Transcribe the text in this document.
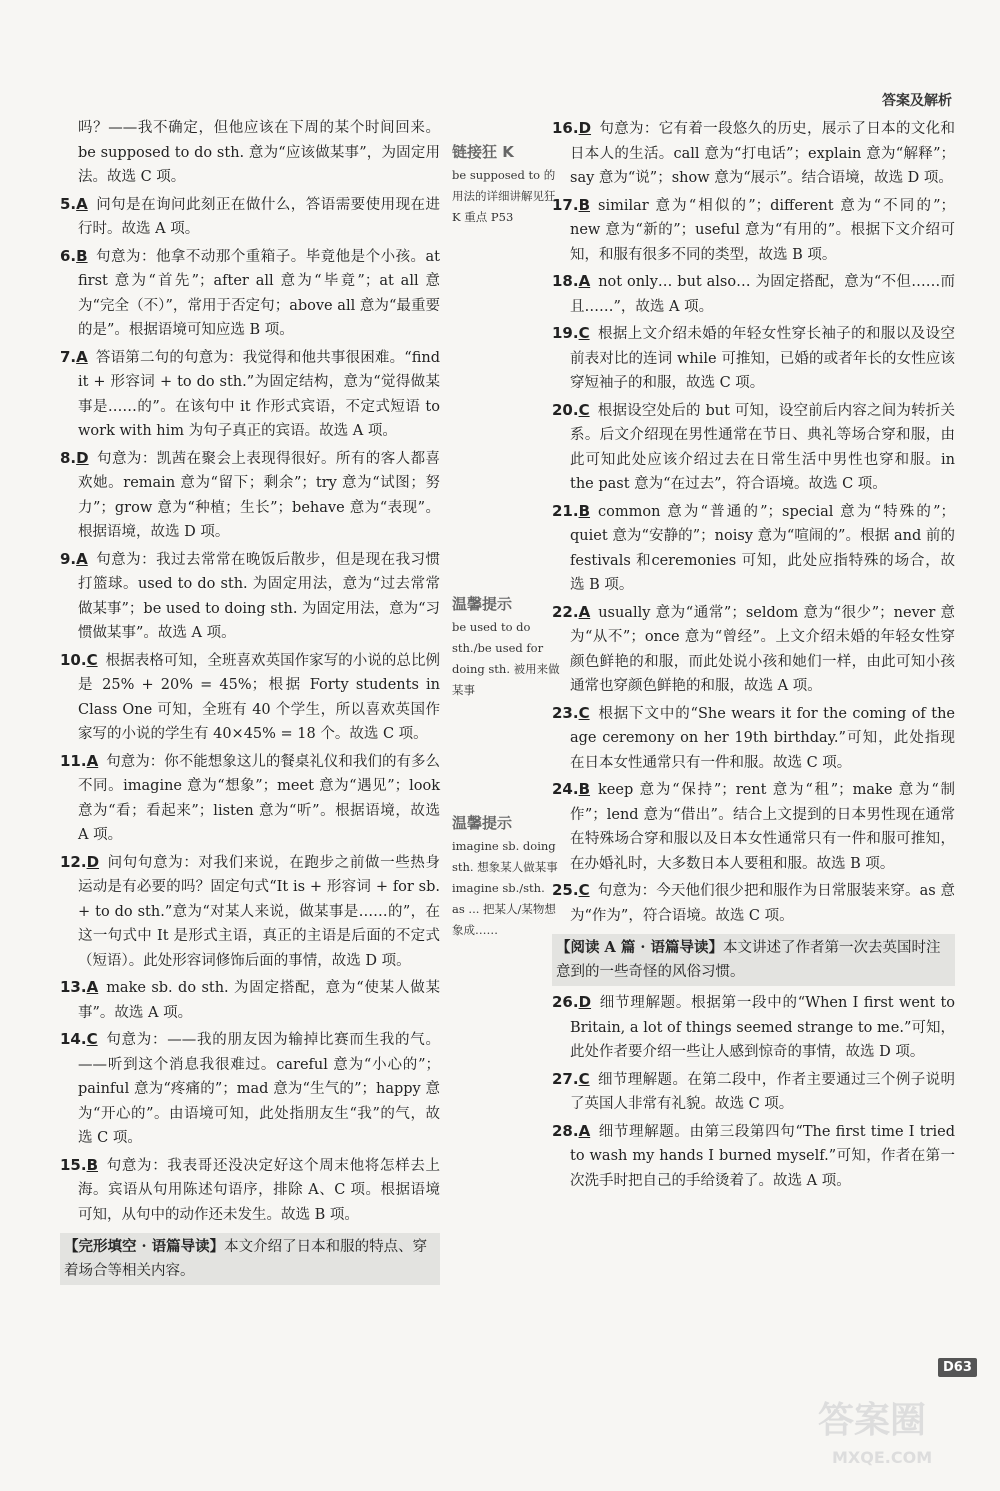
答案及解析
吗？——我不确定，但他应该在下周的某个时间回来。be supposed to do sth. 意为“应该做某事”，为固定用法。故选 C 项。
5.A 问句是在询问此刻正在做什么，答语需要使用现在进行时。故选 A 项。
6.B 句意为：他拿不动那个重箱子。毕竟他是个小孩。at first 意为“首先”；after all 意为“毕竟”；at all 意为“完全（不）”，常用于否定句；above all 意为“最重要的是”。根据语境可知应选 B 项。
7.A 答语第二句的句意为：我觉得和他共事很困难。“find it + 形容词 + to do sth.”为固定结构，意为“觉得做某事是……的”。在该句中 it 作形式宾语，不定式短语 to work with him 为句子真正的宾语。故选 A 项。
8.D 句意为：凯茜在聚会上表现得很好。所有的客人都喜欢她。remain 意为“留下；剩余”；try 意为“试图；努力”；grow 意为“种植；生长”；behave 意为“表现”。根据语境，故选 D 项。
9.A 句意为：我过去常常在晚饭后散步，但是现在我习惯打篮球。used to do sth. 为固定用法，意为“过去常常做某事”；be used to doing sth. 为固定用法，意为“习惯做某事”。故选 A 项。
10.C 根据表格可知，全班喜欢英国作家写的小说的总比例是 25% + 20% = 45%；根据 Forty students in Class One 可知，全班有 40 个学生，所以喜欢英国作家写的小说的学生有 40×45% = 18 个。故选 C 项。
11.A 句意为：你不能想象这儿的餐桌礼仪和我们的有多么不同。imagine 意为“想象”；meet 意为“遇见”；look 意为“看；看起来”；listen 意为“听”。根据语境，故选 A 项。
12.D 问句句意为：对我们来说，在跑步之前做一些热身运动是有必要的吗？固定句式“It is + 形容词 + for sb. + to do sth.”意为“对某人来说，做某事是……的”，在这一句式中 It 是形式主语，真正的主语是后面的不定式（短语）。此处形容词修饰后面的事情，故选 D 项。
13.A make sb. do sth. 为固定搭配，意为“使某人做某事”。故选 A 项。
14.C 句意为：——我的朋友因为输掉比赛而生我的气。——听到这个消息我很难过。careful 意为“小心的”；painful 意为“疼痛的”；mad 意为“生气的”；happy 意为“开心的”。由语境可知，此处指朋友生“我”的气，故选 C 项。
15.B 句意为：我表哥还没决定好这个周末他将怎样去上海。宾语从句用陈述句语序，排除 A、C 项。根据语境可知，从句中的动作还未发生。故选 B 项。
【完形填空 · 语篇导读】本文介绍了日本和服的特点、穿着场合等相关内容。
链接狂 K
be supposed to 的用法的详细讲解见狂 K 重点 P53
温馨提示
be used to do sth./be used for doing sth. 被用来做某事
温馨提示
imagine sb. doing sth. 想象某人做某事 imagine sb./sth. as ... 把某人/某物想象成……
16.D 句意为：它有着一段悠久的历史，展示了日本的文化和日本人的生活。call 意为“打电话”；explain 意为“解释”；say 意为“说”；show 意为“展示”。结合语境，故选 D 项。
17.B similar 意为“相似的”；different 意为“不同的”；new 意为“新的”；useful 意为“有用的”。根据下文介绍可知，和服有很多不同的类型，故选 B 项。
18.A not only… but also… 为固定搭配，意为“不但……而且……”，故选 A 项。
19.C 根据上文介绍未婚的年轻女性穿长袖子的和服以及设空前表对比的连词 while 可推知，已婚的或者年长的女性应该穿短袖子的和服，故选 C 项。
20.C 根据设空处后的 but 可知，设空前后内容之间为转折关系。后文介绍现在男性通常在节日、典礼等场合穿和服，由此可知此处应该介绍过去在日常生活中男性也穿和服。in the past 意为“在过去”，符合语境。故选 C 项。
21.B common 意为“普通的”；special 意为“特殊的”；quiet 意为“安静的”；noisy 意为“喧闹的”。根据 and 前的 festivals 和ceremonies 可知，此处应指特殊的场合，故选 B 项。
22.A usually 意为“通常”；seldom 意为“很少”；never 意为“从不”；once 意为“曾经”。上文介绍未婚的年轻女性穿颜色鲜艳的和服，而此处说小孩和她们一样，由此可知小孩通常也穿颜色鲜艳的和服，故选 A 项。
23.C 根据下文中的“She wears it for the coming of the age ceremony on her 19th birthday.”可知，此处指现在日本女性通常只有一件和服。故选 C 项。
24.B keep 意为“保持”；rent 意为“租”；make 意为“制作”；lend 意为“借出”。结合上文提到的日本男性现在通常在特殊场合穿和服以及日本女性通常只有一件和服可推知，在办婚礼时，大多数日本人要租和服。故选 B 项。
25.C 句意为：今天他们很少把和服作为日常服装来穿。as 意为“作为”，符合语境。故选 C 项。
【阅读 A 篇 · 语篇导读】本文讲述了作者第一次去英国时注意到的一些奇怪的风俗习惯。
26.D 细节理解题。根据第一段中的“When I first went to Britain, a lot of things seemed strange to me.”可知，此处作者要介绍一些让人感到惊奇的事情，故选 D 项。
27.C 细节理解题。在第二段中，作者主要通过三个例子说明了英国人非常有礼貌。故选 C 项。
28.A 细节理解题。由第三段第四句“The first time I tried to wash my hands I burned myself.”可知，作者在第一次洗手时把自己的手给烫着了。故选 A 项。
D63
答案圈
MXQE.COM
